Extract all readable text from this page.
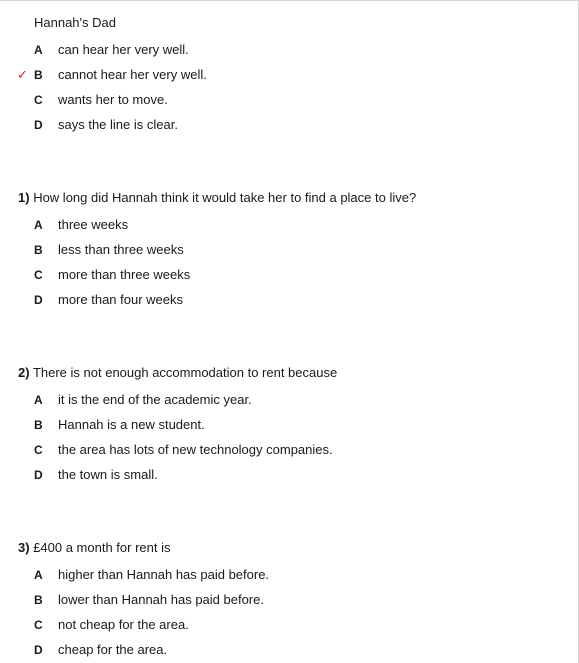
Hannah's Dad
A	can hear her very well.
✓ B	cannot hear her very well.
C	wants her to move.
D	says the line is clear.
1) How long did Hannah think it would take her to find a place to live?
A	three weeks
B	less than three weeks
C	more than three weeks
D	more than four weeks
2) There is not enough accommodation to rent because
A	it is the end of the academic year.
B	Hannah is a new student.
C	the area has lots of new technology companies.
D	the town is small.
3) £400 a month for rent is
A	higher than Hannah has paid before.
B	lower than Hannah has paid before.
C	not cheap for the area.
D	cheap for the area.
